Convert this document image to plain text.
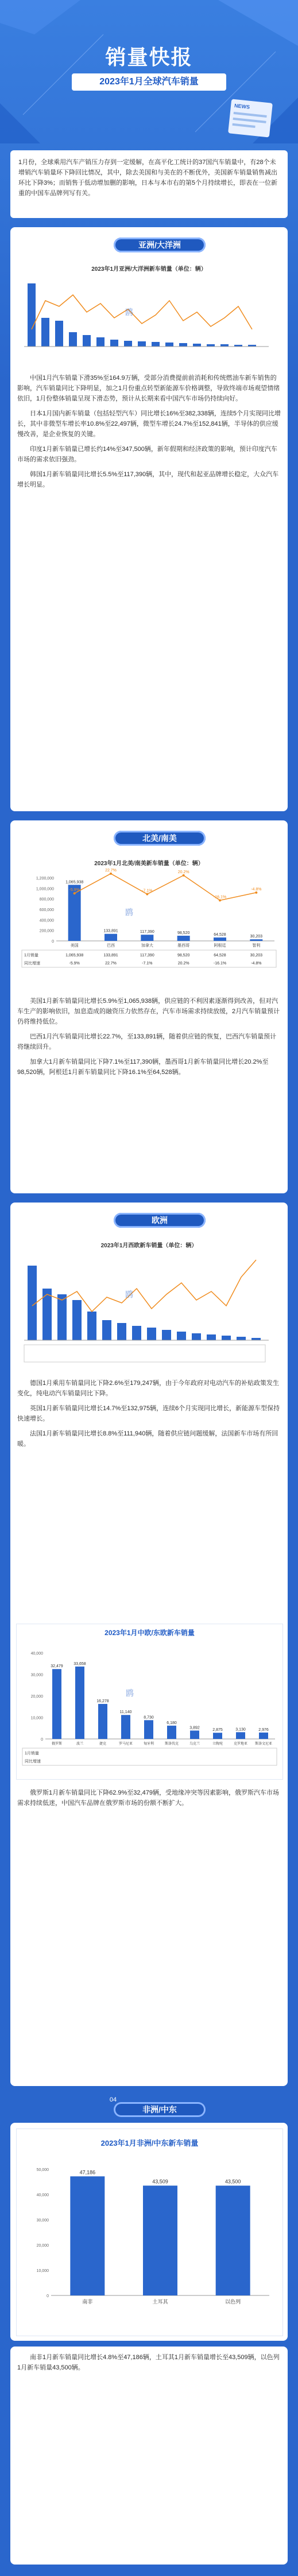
销量快报
2023年1月全球汽车销量
NEWS

1月份，全球乘用汽车产销压力存到一定缓解，在高平化工统计的37国汽车销量中，有28个未增销汽车销量环下降回比情况，其中，除去美国和与美在的不断优外，美国新车销量销售减出环比下降3%；而销售于低动增加删的影响，日本与本市右的第5个月持续增长，即表在一位新重的中国车品牌列写有关。

01
亚洲/大洋洲
2023年1月亚洲/大洋洲新车销量（单位：辆）
鸥

中国1月汽车销量下滑35%至164.9万辆，受部分消费提前前消耗和传统燃油车新车销售的影响，汽车销量同比下降明显，加之1月份重点转型新能源车价格调整，导致终端市场观望情绪依旧，1月份整体销量呈现下滑态势，预计从长期来看中国汽车市场仍持续向好。

日本1月国内新车销量（包括轻型汽车）同比增长16%至382,338辆，连续5个月实现同比增长，其中非微型车增长率10.8%至22,497辆，微型车增长24.7%至152,841辆，半导体的供应缓慢改善，是企业恢复的关键。

印度1月新车销量已增长约14%至347,500辆，新年假期和经济政策的影响，预计印度汽车市场的需求依旧强劲。

韩国1月新车销量同比增长5.5%至117,390辆，其中，现代和起亚品牌增长稳定，大众汽车增长明显。

02
北美/南美
2023年1月北美/南美新车销量（单位：辆）
0
200,000
400,000
600,000
800,000
1,000,000
1,200,000
1,065,938
美国
133,891
巴西
117,390
加拿大
98,520
墨西哥
64,528
阿根廷
30,203
智利
-5.9%
22.7%
-7.1%
20.2%
-16.1%
-4.8%
1月销量
同比增速
1,065,938
-5.9%
133,891
22.7%
117,390
-7.1%
98,520
20.2%
64,528
-16.1%
30,203
-4.8%
鸥

美国1月新车销量同比增长5.9%至1,065,938辆，供应链的不利因素逐渐得到改善，但对汽车生产的影响依旧，加息造成的融资压力依然存在，汽车市场需求持续放缓，2月汽车销量预计仍将维持低位。

巴西1月汽车销量同比增长22.7%，至133,891辆，随着供应链的恢复，巴西汽车销量预计将继续回升。

加拿大1月新车销量同比下降7.1%至117,390辆，墨西哥1月新车销量同比增长20.2%至98,520辆，阿根廷1月新车销量同比下降16.1%至64,528辆。

03
欧洲
2023年1月西欧新车销量（单位：辆）
鸥

德国1月乘用车销量同比下降2.6%至179,247辆，由于今年政府对电动汽车的补贴政策发生变化，纯电动汽车销量同比下降。

英国1月新车销量同比增长14.7%至132,975辆，连续6个月实现同比增长，新能源车型保持快速增长。

法国1月新车销量同比增长8.8%至111,940辆，随着供应链问题缓解，法国新车市场有所回暖。

2023年1月中欧/东欧新车销量
0
10,000
20,000
30,000
40,000
32,479
俄罗斯
33,658
波兰
16,278
捷克
11,140
罗马尼亚
8,730
匈牙利
6,180
斯洛伐克
3,892
乌克兰
2,875
立陶宛
3,130
克罗地亚
2,976
斯洛文尼亚
1月销量
同比增速
鸥

俄罗斯1月新车销量同比下降62.9%至32,479辆，受地缘冲突等因素影响，俄罗斯汽车市场需求持续低迷，中国汽车品牌在俄罗斯市场的份额不断扩大。

04
非洲/中东
2023年1月非洲/中东新车销量
0
10,000
20,000
30,000
40,000
50,000	47,186
南非
43,509
土耳其
43,500
以色列

南非1月新车销量同比增长4.8%至47,186辆，土耳其1月新车销量增长至43,509辆，以色列1月新车销量43,500辆。
